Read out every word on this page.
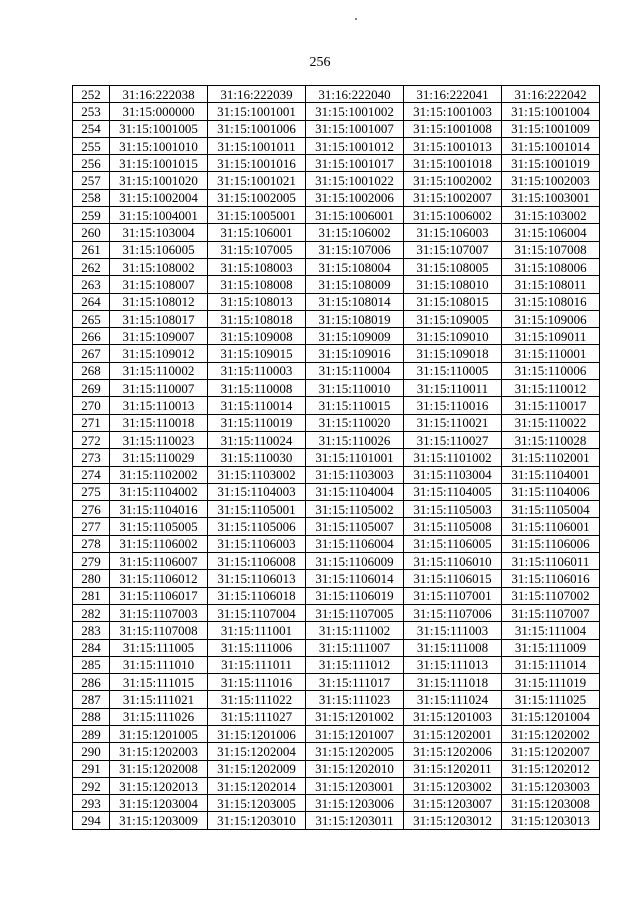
256
252	31:16:222038	31:16:222039	31:16:222040	31:16:222041	31:16:222042
253	31:15:000000	31:15:1001001	31:15:1001002	31:15:1001003	31:15:1001004
254	31:15:1001005	31:15:1001006	31:15:1001007	31:15:1001008	31:15:1001009
255	31:15:1001010	31:15:1001011	31:15:1001012	31:15:1001013	31:15:1001014
256	31:15:1001015	31:15:1001016	31:15:1001017	31:15:1001018	31:15:1001019
257	31:15:1001020	31:15:1001021	31:15:1001022	31:15:1002002	31:15:1002003
258	31:15:1002004	31:15:1002005	31:15:1002006	31:15:1002007	31:15:1003001
259	31:15:1004001	31:15:1005001	31:15:1006001	31:15:1006002	31:15:103002
260	31:15:103004	31:15:106001	31:15:106002	31:15:106003	31:15:106004
261	31:15:106005	31:15:107005	31:15:107006	31:15:107007	31:15:107008
262	31:15:108002	31:15:108003	31:15:108004	31:15:108005	31:15:108006
263	31:15:108007	31:15:108008	31:15:108009	31:15:108010	31:15:108011
264	31:15:108012	31:15:108013	31:15:108014	31:15:108015	31:15:108016
265	31:15:108017	31:15:108018	31:15:108019	31:15:109005	31:15:109006
266	31:15:109007	31:15:109008	31:15:109009	31:15:109010	31:15:109011
267	31:15:109012	31:15:109015	31:15:109016	31:15:109018	31:15:110001
268	31:15:110002	31:15:110003	31:15:110004	31:15:110005	31:15:110006
269	31:15:110007	31:15:110008	31:15:110010	31:15:110011	31:15:110012
270	31:15:110013	31:15:110014	31:15:110015	31:15:110016	31:15:110017
271	31:15:110018	31:15:110019	31:15:110020	31:15:110021	31:15:110022
272	31:15:110023	31:15:110024	31:15:110026	31:15:110027	31:15:110028
273	31:15:110029	31:15:110030	31:15:1101001	31:15:1101002	31:15:1102001
274	31:15:1102002	31:15:1103002	31:15:1103003	31:15:1103004	31:15:1104001
275	31:15:1104002	31:15:1104003	31:15:1104004	31:15:1104005	31:15:1104006
276	31:15:1104016	31:15:1105001	31:15:1105002	31:15:1105003	31:15:1105004
277	31:15:1105005	31:15:1105006	31:15:1105007	31:15:1105008	31:15:1106001
278	31:15:1106002	31:15:1106003	31:15:1106004	31:15:1106005	31:15:1106006
279	31:15:1106007	31:15:1106008	31:15:1106009	31:15:1106010	31:15:1106011
280	31:15:1106012	31:15:1106013	31:15:1106014	31:15:1106015	31:15:1106016
281	31:15:1106017	31:15:1106018	31:15:1106019	31:15:1107001	31:15:1107002
282	31:15:1107003	31:15:1107004	31:15:1107005	31:15:1107006	31:15:1107007
283	31:15:1107008	31:15:111001	31:15:111002	31:15:111003	31:15:111004
284	31:15:111005	31:15:111006	31:15:111007	31:15:111008	31:15:111009
285	31:15:111010	31:15:111011	31:15:111012	31:15:111013	31:15:111014
286	31:15:111015	31:15:111016	31:15:111017	31:15:111018	31:15:111019
287	31:15:111021	31:15:111022	31:15:111023	31:15:111024	31:15:111025
288	31:15:111026	31:15:111027	31:15:1201002	31:15:1201003	31:15:1201004
289	31:15:1201005	31:15:1201006	31:15:1201007	31:15:1202001	31:15:1202002
290	31:15:1202003	31:15:1202004	31:15:1202005	31:15:1202006	31:15:1202007
291	31:15:1202008	31:15:1202009	31:15:1202010	31:15:1202011	31:15:1202012
292	31:15:1202013	31:15:1202014	31:15:1203001	31:15:1203002	31:15:1203003
293	31:15:1203004	31:15:1203005	31:15:1203006	31:15:1203007	31:15:1203008
294	31:15:1203009	31:15:1203010	31:15:1203011	31:15:1203012	31:15:1203013
